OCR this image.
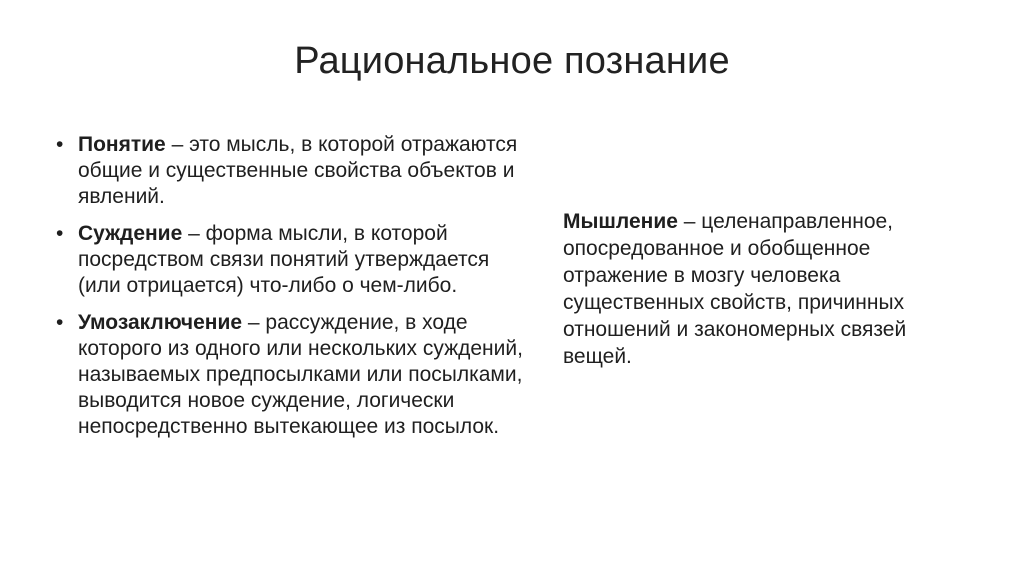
Рациональное познание
• Понятие – это мысль, в которой отражаются общие и существенные свойства объектов и явлений.
• Суждение – форма мысли, в которой посредством связи понятий утверждается (или отрицается) что-либо о чем-либо.
• Умозаключение – рассуждение, в ходе которого из одного или нескольких суждений, называемых предпосылками или посылками, выводится новое суждение, логически непосредственно вытекающее из посылок.
Мышление – целенаправленное, опосредованное и обобщенное отражение в мозгу человека существенных свойств, причинных отношений и закономерных связей вещей.
